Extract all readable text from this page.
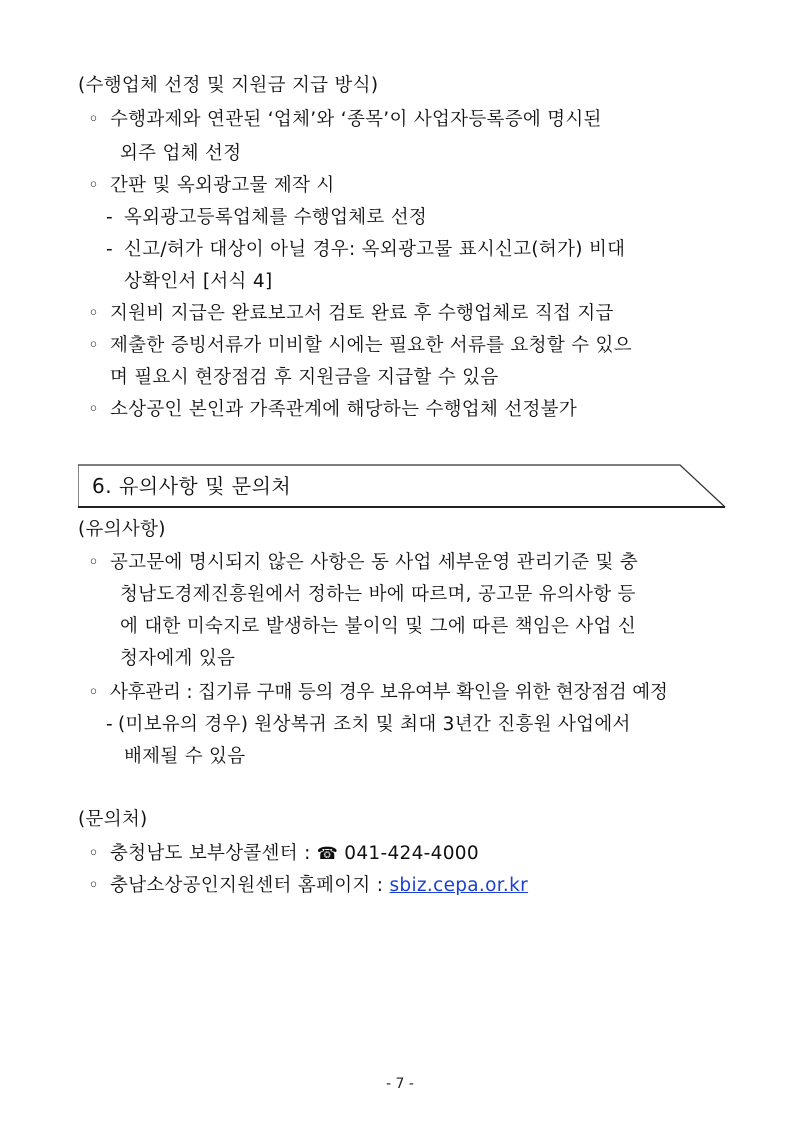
(수행업체 선정 및 지원금 지급 방식)
◦ 수행과제와 연관된 ‘업체’와 ‘종목’이 사업자등록증에 명시된
외주 업체 선정
◦ 간판 및 옥외광고물 제작 시
- 옥외광고등록업체를 수행업체로 선정
- 신고/허가 대상이 아닐 경우: 옥외광고물 표시신고(허가) 비대
상확인서 [서식 4]
◦ 지원비 지급은 완료보고서 검토 완료 후 수행업체로 직접 지급
◦ 제출한 증빙서류가 미비할 시에는 필요한 서류를 요청할 수 있으
며 필요시 현장점검 후 지원금을 지급할 수 있음
◦ 소상공인 본인과 가족관계에 해당하는 수행업체 선정불가
6. 유의사항 및 문의처
(유의사항)
◦ 공고문에 명시되지 않은 사항은 동 사업 세부운영 관리기준 및 충
청남도경제진흥원에서 정하는 바에 따르며, 공고문 유의사항 등
에 대한 미숙지로 발생하는 불이익 및 그에 따른 책임은 사업 신
청자에게 있음
◦ 사후관리 : 집기류 구매 등의 경우 보유여부 확인을 위한 현장점검 예정
- (미보유의 경우) 원상복귀 조치 및 최대 3년간 진흥원 사업에서
배제될 수 있음
(문의처)
◦ 충청남도 보부상콜센터 : ☎ 041-424-4000
◦ 충남소상공인지원센터 홈페이지 : sbiz.cepa.or.kr
- 7 -
